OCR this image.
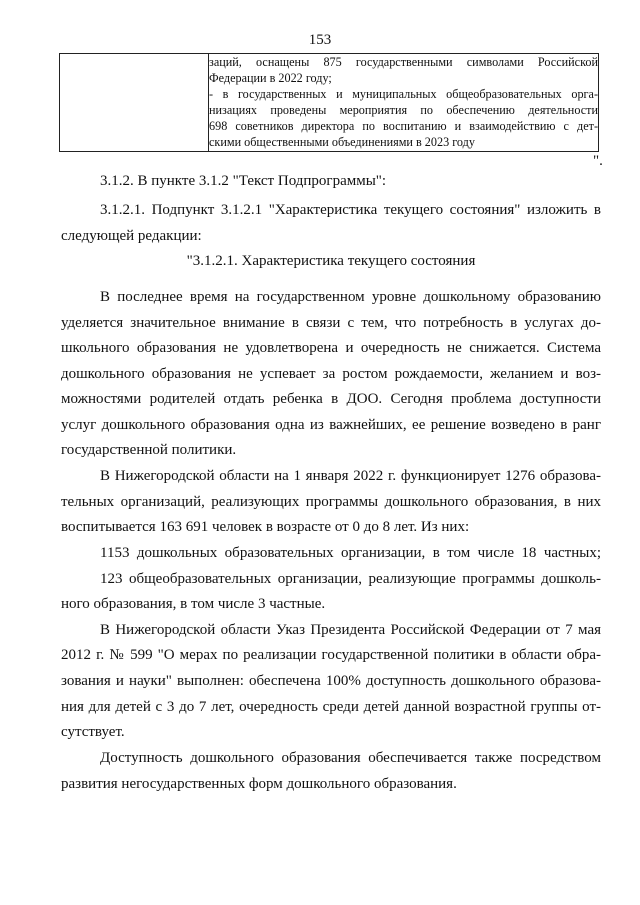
153

заций, оснащены 875 государственными символами Российской
Федерации в 2022 году;
- в государственных и муниципальных общеобразовательных орга-
низациях проведены мероприятия по обеспечению деятельности
698 советников директора по воспитанию и взаимодействию с дет-
скими общественными объединениями в 2023 году
".
3.1.2. В пункте 3.1.2 "Текст Подпрограммы":
3.1.2.1. Подпункт 3.1.2.1 "Характеристика текущего состояния" изложить в
следующей редакции:
"3.1.2.1. Характеристика текущего состояния
В последнее время на государственном уровне дошкольному образованию
уделяется значительное внимание в связи с тем, что потребность в услугах до-
школьного образования не удовлетворена и очередность не снижается. Система
дошкольного образования не успевает за ростом рождаемости, желанием и воз-
можностями родителей отдать ребенка в ДОО. Сегодня проблема доступности
услуг дошкольного образования одна из важнейших, ее решение возведено в ранг
государственной политики.
В Нижегородской области на 1 января 2022 г. функционирует 1276 образова-
тельных организаций, реализующих программы дошкольного образования, в них
воспитывается 163 691 человек в возрасте от 0 до 8 лет. Из них:
1153 дошкольных образовательных организации, в том числе 18 частных;
123 общеобразовательных организации, реализующие программы дошколь-
ного образования, в том числе 3 частные.
В Нижегородской области Указ Президента Российской Федерации от 7 мая
2012 г. № 599 "О мерах по реализации государственной политики в области обра-
зования и науки" выполнен: обеспечена 100% доступность дошкольного образова-
ния для детей с 3 до 7 лет, очередность среди детей данной возрастной группы от-
сутствует.
Доступность дошкольного образования обеспечивается также посредством
развития негосударственных форм дошкольного образования.
